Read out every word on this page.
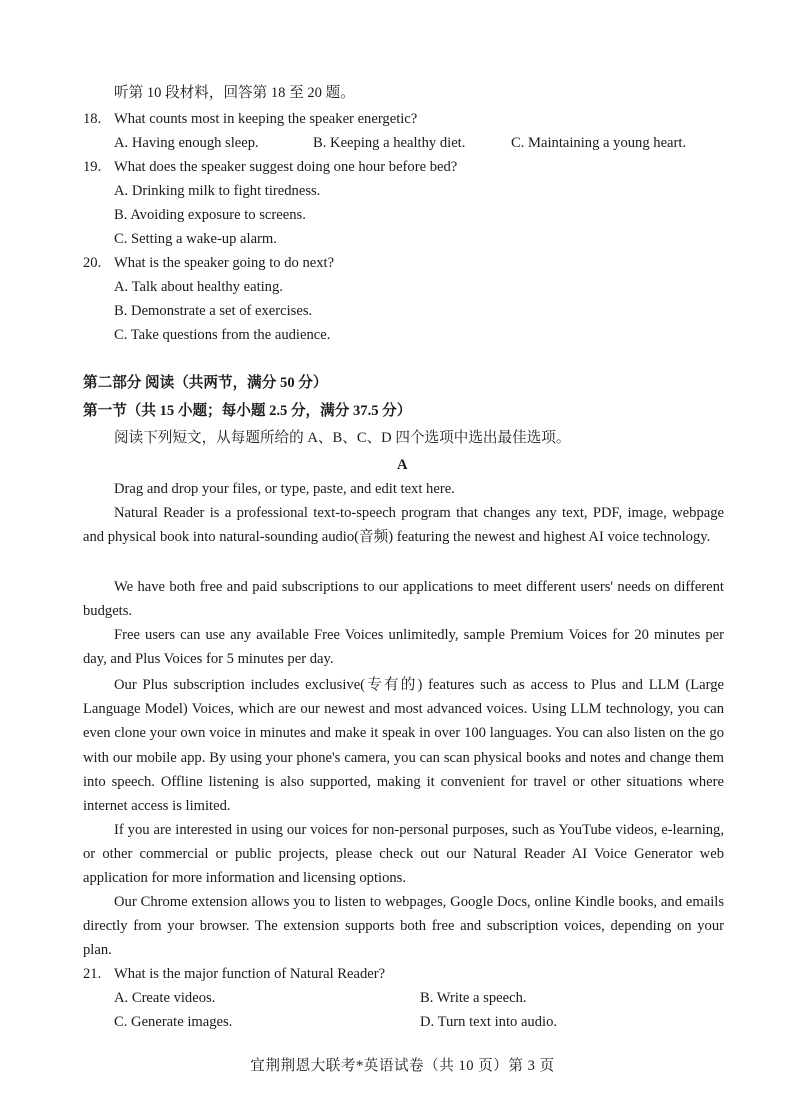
听第 10 段材料，回答第 18 至 20 题。
18. What counts most in keeping the speaker energetic?
A. Having enough sleep.	B. Keeping a healthy diet.	C. Maintaining a young heart.
19. What does the speaker suggest doing one hour before bed?
A. Drinking milk to fight tiredness.
B. Avoiding exposure to screens.
C. Setting a wake-up alarm.
20. What is the speaker going to do next?
A. Talk about healthy eating.
B. Demonstrate a set of exercises.
C. Take questions from the audience.
第二部分 阅读（共两节，满分 50 分）
第一节（共 15 小题；每小题 2.5 分，满分 37.5 分）
阅读下列短文，从每题所给的 A、B、C、D 四个选项中选出最佳选项。
A
Drag and drop your files, or type, paste, and edit text here.
Natural Reader is a professional text-to-speech program that changes any text, PDF, image, webpage and physical book into natural-sounding audio(音频) featuring the newest and highest AI voice technology.
We have both free and paid subscriptions to our applications to meet different users' needs on different budgets.
Free users can use any available Free Voices unlimitedly, sample Premium Voices for 20 minutes per day, and Plus Voices for 5 minutes per day.
Our Plus subscription includes exclusive(专有的) features such as access to Plus and LLM (Large Language Model) Voices, which are our newest and most advanced voices. Using LLM technology, you can even clone your own voice in minutes and make it speak in over 100 languages. You can also listen on the go with our mobile app. By using your phone's camera, you can scan physical books and notes and change them into speech. Offline listening is also supported, making it convenient for travel or other situations where internet access is limited.
If you are interested in using our voices for non-personal purposes, such as YouTube videos, e-learning, or other commercial or public projects, please check out our Natural Reader AI Voice Generator web application for more information and licensing options.
Our Chrome extension allows you to listen to webpages, Google Docs, online Kindle books, and emails directly from your browser. The extension supports both free and subscription voices, depending on your plan.
21. What is the major function of Natural Reader?
A. Create videos.	B. Write a speech.
C. Generate images.	D. Turn text into audio.
宜荆荆恩大联考*英语试卷（共 10 页）第 3 页
